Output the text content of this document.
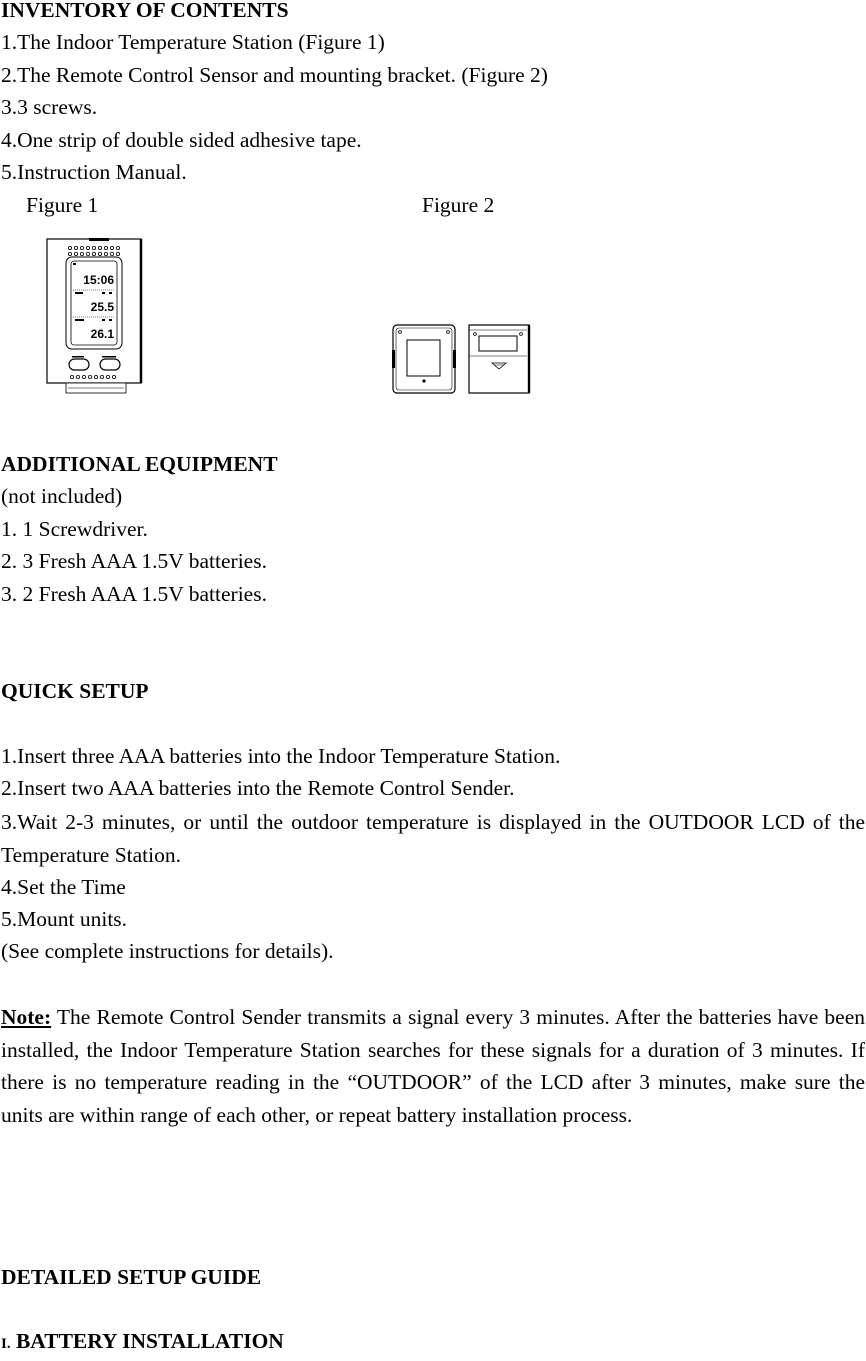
INVENTORY OF CONTENTS
1.The Indoor Temperature Station (Figure 1)
2.The Remote Control Sensor and mounting bracket. (Figure 2)
3.3 screws.
4.One strip of double sided adhesive tape.
5.Instruction Manual.
Figure 1	Figure 2
15:06
25.5
26.1
ADDITIONAL EQUIPMENT
(not included)
1. 1 Screwdriver.
2. 3 Fresh AAA 1.5V batteries.
3. 2 Fresh AAA 1.5V batteries.
QUICK SETUP
1.Insert three AAA batteries into the Indoor Temperature Station.
2.Insert two AAA batteries into the Remote Control Sender.
3.Wait 2-3 minutes, or until the outdoor temperature is displayed in the OUTDOOR LCD of the Temperature Station.
4.Set the Time
5.Mount units.
(See complete instructions for details).
Note: The Remote Control Sender transmits a signal every 3 minutes. After the batteries have been installed, the Indoor Temperature Station searches for these signals for a duration of 3 minutes. If there is no temperature reading in the “OUTDOOR” of the LCD after 3 minutes, make sure the units are within range of each other, or repeat battery installation process.
DETAILED SETUP GUIDE
I. BATTERY INSTALLATION
